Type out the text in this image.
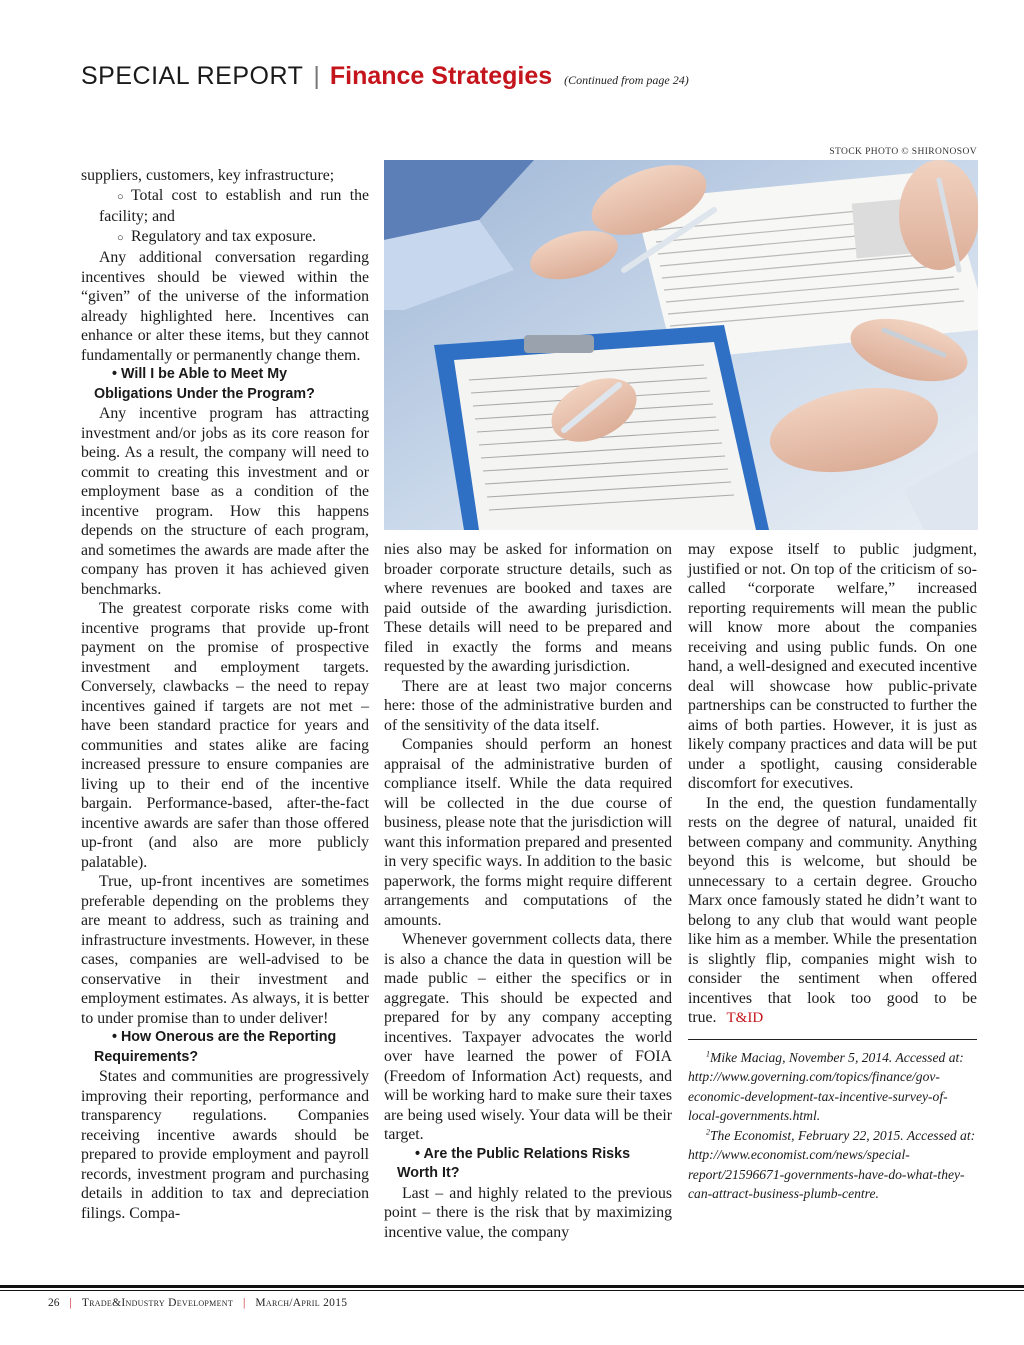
SPECIAL REPORT | Finance Strategies (Continued from page 24)
STOCK PHOTO © SHIRONOSOV

suppliers, customers, key infrastructure;

○ Total cost to establish and run the facility; and

○ Regulatory and tax exposure.

Any additional conversation regarding incentives should be viewed within the “given” of the universe of the information already highlighted here. Incentives can enhance or alter these items, but they cannot fundamentally or permanently change them.

• Will I be Able to Meet My Obligations Under the Program?

Any incentive program has attracting investment and/or jobs as its core reason for being. As a result, the company will need to commit to creating this investment and or employment base as a condition of the incentive program. How this happens depends on the structure of each program, and sometimes the awards are made after the company has proven it has achieved given benchmarks.

The greatest corporate risks come with incentive programs that provide up-front payment on the promise of prospective investment and employment targets. Conversely, clawbacks – the need to repay incentives gained if targets are not met – have been standard practice for years and communities and states alike are facing increased pressure to ensure companies are living up to their end of the incentive bargain. Performance-based, after-the-fact incentive awards are safer than those offered up-front (and also are more publicly palatable).

True, up-front incentives are sometimes preferable depending on the problems they are meant to address, such as training and infrastructure investments. However, in these cases, companies are well-advised to be conservative in their investment and employment estimates. As always, it is better to under promise than to under deliver!

• How Onerous are the Reporting Requirements?

States and communities are progressively improving their reporting, performance and transparency regulations. Companies receiving incentive awards should be prepared to provide employment and payroll records, investment program and purchasing details in addition to tax and depreciation filings. Compa-

nies also may be asked for information on broader corporate structure details, such as where revenues are booked and taxes are paid outside of the awarding jurisdiction. These details will need to be prepared and filed in exactly the forms and means requested by the awarding jurisdiction.

There are at least two major concerns here: those of the administrative burden and of the sensitivity of the data itself.

Companies should perform an honest appraisal of the administrative burden of compliance itself. While the data required will be collected in the due course of business, please note that the jurisdiction will want this information prepared and presented in very specific ways. In addition to the basic paperwork, the forms might require different arrangements and computations of the amounts.

Whenever government collects data, there is also a chance the data in question will be made public – either the specifics or in aggregate. This should be expected and prepared for by any company accepting incentives. Taxpayer advocates the world over have learned the power of FOIA (Freedom of Information Act) requests, and will be working hard to make sure their taxes are being used wisely. Your data will be their target.

• Are the Public Relations Risks Worth It?

Last – and highly related to the previous point – there is the risk that by maximizing incentive value, the company

may expose itself to public judgment, justified or not. On top of the criticism of so-called “corporate welfare,” increased reporting requirements will mean the public will know more about the companies receiving and using public funds. On one hand, a well-designed and executed incentive deal will showcase how public-private partnerships can be constructed to further the aims of both parties. However, it is just as likely company practices and data will be put under a spotlight, causing considerable discomfort for executives.

In the end, the question fundamentally rests on the degree of natural, unaided fit between company and community. Anything beyond this is welcome, but should be unnecessary to a certain degree. Groucho Marx once famously stated he didn’t want to belong to any club that would want people like him as a member. While the presentation is slightly flip, companies might wish to consider the sentiment when offered incentives that look too good to be true. T&ID

$^1$Mike Maciag, November 5, 2014. Accessed at: http://www.governing.com/topics/finance/gov-economic-development-tax-incentive-survey-of-local-governments.html.

$^2$The Economist, February 22, 2015. Accessed at: http://www.economist.com/news/special-report/21596671-governments-have-do-what-they-can-attract-business-plumb-centre.

26 | Trade&Industry Development | March/April 2015
